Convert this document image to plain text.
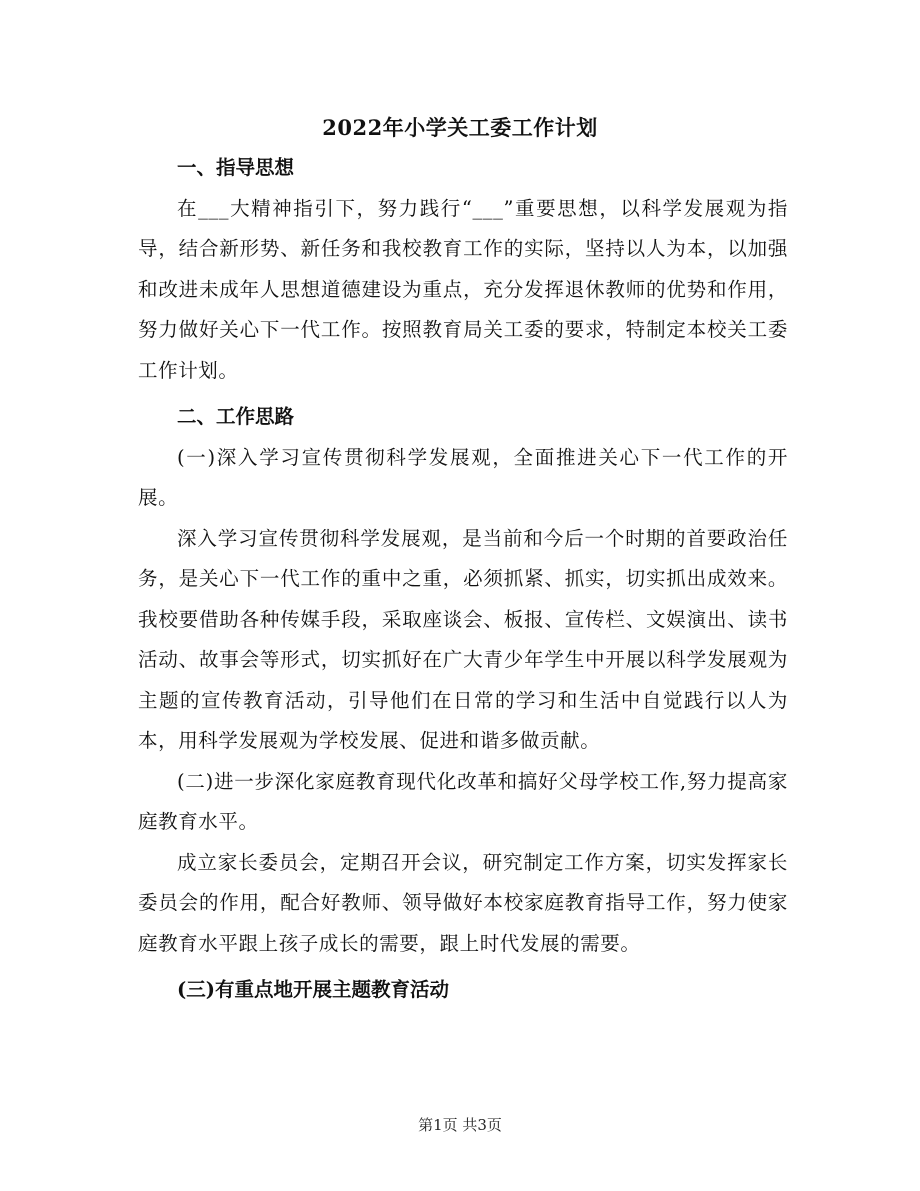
2022年小学关工委工作计划

一、指导思想

在___大精神指引下，努力践行“___”重要思想，以科学发展观为指导，结合新形势、新任务和我校教育工作的实际，坚持以人为本，以加强和改进未成年人思想道德建设为重点，充分发挥退休教师的优势和作用，努力做好关心下一代工作。按照教育局关工委的要求，特制定本校关工委工作计划。

二、工作思路

(一)深入学习宣传贯彻科学发展观，全面推进关心下一代工作的开展。

深入学习宣传贯彻科学发展观，是当前和今后一个时期的首要政治任务，是关心下一代工作的重中之重，必须抓紧、抓实，切实抓出成效来。我校要借助各种传媒手段，采取座谈会、板报、宣传栏、文娱演出、读书活动、故事会等形式，切实抓好在广大青少年学生中开展以科学发展观为主题的宣传教育活动，引导他们在日常的学习和生活中自觉践行以人为本，用科学发展观为学校发展、促进和谐多做贡献。

(二)进一步深化家庭教育现代化改革和搞好父母学校工作,努力提高家庭教育水平。

成立家长委员会，定期召开会议，研究制定工作方案，切实发挥家长委员会的作用，配合好教师、领导做好本校家庭教育指导工作，努力使家庭教育水平跟上孩子成长的需要，跟上时代发展的需要。

(三)有重点地开展主题教育活动

第1页 共3页
